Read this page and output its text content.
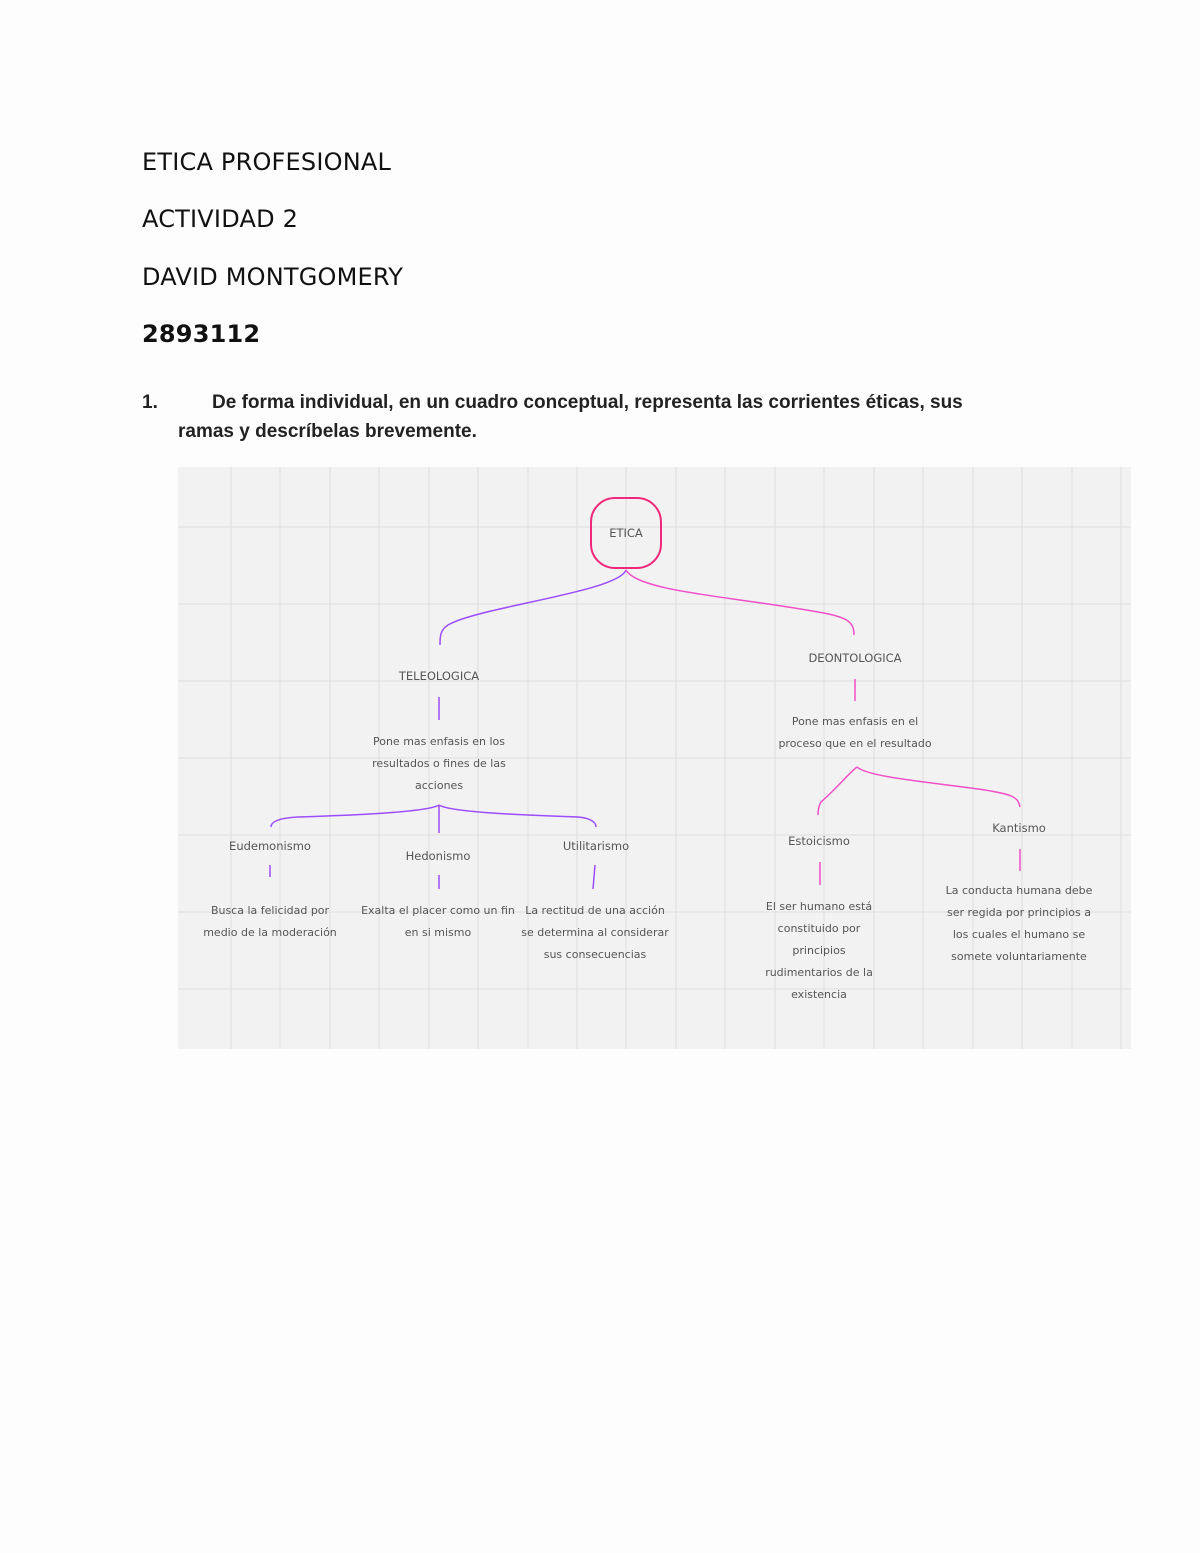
ETICA PROFESIONAL
ACTIVIDAD 2
DAVID MONTGOMERY
2893112
1.	De forma individual, en un cuadro conceptual, representa las corrientes éticas, sus
ramas y descríbelas brevemente.
ETICA
TELEOLOGICA
Pone mas enfasis en los
resultados o fines de las
acciones
DEONTOLOGICA
Pone mas enfasis en el
proceso que en el resultado
Eudemonismo
Busca la felicidad por
medio de la moderación
Hedonismo
Exalta el placer como un fin
en si mismo
Utilitarismo
La rectitud de una acción
se determina al considerar
sus consecuencias
Estoicismo
El ser humano está
constituido por
principios
rudimentarios de la
existencia
Kantismo
La conducta humana debe
ser regida por principios a
los cuales el humano se
somete voluntariamente
